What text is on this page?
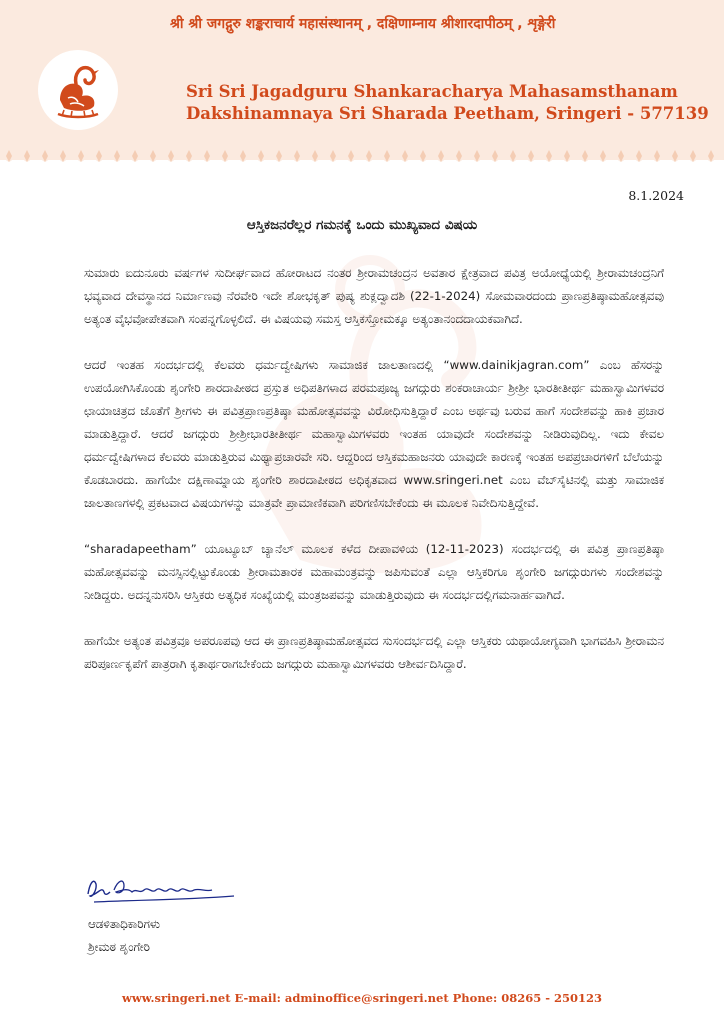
श्री श्री जगद्गुरु शङ्कराचार्य महासंस्थानम् , दक्षिणाम्नाय श्रीशारदापीठम् , शृङ्गेरी
Sri Sri Jagadguru Shankaracharya Mahasamsthanam
Dakshinamnaya Sri Sharada Peetham, Sringeri - 577139
8.1.2024
ಆಸ್ತಿಕಜನರೆಲ್ಲರ ಗಮನಕ್ಕೆ ಒಂದು ಮುಖ್ಯವಾದ ವಿಷಯ

ಸುಮಾರು ಐದುನೂರು ವರ್ಷಗಳ ಸುದೀರ್ಘವಾದ ಹೋರಾಟದ ನಂತರ ಶ್ರೀರಾಮಚಂದ್ರನ ಅವತಾರ ಕ್ಷೇತ್ರವಾದ ಪವಿತ್ರ ಅಯೋಧ್ಯೆಯಲ್ಲಿ ಶ್ರೀರಾಮಚಂದ್ರನಿಗೆ ಭವ್ಯವಾದ ದೇವಸ್ಥಾನದ ನಿರ್ಮಾಣವು ನೆರವೇರಿ ಇದೇ ಶೋಭಕೃತ್ ಪುಷ್ಯ ಶುಕ್ಲದ್ವಾದಶಿ (22-1-2024) ಸೋಮವಾರದಂದು ಪ್ರಾಣಪ್ರತಿಷ್ಠಾಮಹೋತ್ಸವವು ಅತ್ಯಂತ ವೈಭವೋಪೇತವಾಗಿ ಸಂಪನ್ನಗೊಳ್ಳಲಿದೆ. ಈ ವಿಷಯವು ಸಮಸ್ತ ಆಸ್ತಿಕಸ್ತೋಮಕ್ಕೂ ಅತ್ಯಂತಾನಂದದಾಯಕವಾಗಿದೆ.

ಆದರೆ ಇಂತಹ ಸಂದರ್ಭದಲ್ಲಿ ಕೆಲವರು ಧರ್ಮದ್ವೇಷಿಗಳು ಸಾಮಾಜಿಕ ಜಾಲತಾಣದಲ್ಲಿ “www.dainikjagran.com” ಎಂಬ ಹೆಸರನ್ನು ಉಪಯೋಗಿಸಿಕೊಂಡು ಶೃಂಗೇರಿ ಶಾರದಾಪೀಠದ ಪ್ರಸ್ತುತ ಅಧಿಪತಿಗಳಾದ ಪರಮಪೂಜ್ಯ ಜಗದ್ಗುರು ಶಂಕರಾಚಾರ್ಯ ಶ್ರೀಶ್ರೀ ಭಾರತೀತೀರ್ಥ ಮಹಾಸ್ವಾಮಿಗಳವರ ಛಾಯಾಚಿತ್ರದ ಜೊತೆಗೆ ಶ್ರೀಗಳು ಈ ಪವಿತ್ರಪ್ರಾಣಪ್ರತಿಷ್ಠಾ ಮಹೋತ್ಸವವನ್ನು ವಿರೋಧಿಸುತ್ತಿದ್ದಾರೆ ಎಂಬ ಅರ್ಥವು ಬರುವ ಹಾಗೆ ಸಂದೇಶವನ್ನು ಹಾಕಿ ಪ್ರಚಾರ ಮಾಡುತ್ತಿದ್ದಾರೆ. ಆದರೆ ಜಗದ್ಗುರು ಶ್ರೀಶ್ರೀಭಾರತೀತೀರ್ಥ ಮಹಾಸ್ವಾಮಿಗಳವರು ಇಂತಹ ಯಾವುದೇ ಸಂದೇಶವನ್ನು ನೀಡಿರುವುದಿಲ್ಲ. ಇದು ಕೇವಲ ಧರ್ಮದ್ವೇಷಿಗಳಾದ ಕೆಲವರು ಮಾಡುತ್ತಿರುವ ಮಿಥ್ಯಾಪ್ರಚಾರವೇ ಸರಿ. ಆದ್ದರಿಂದ ಆಸ್ತಿಕಮಹಾಜನರು ಯಾವುದೇ ಕಾರಣಕ್ಕೆ ಇಂತಹ ಅಪಪ್ರಚಾರಗಳಿಗೆ ಬೆಲೆಯನ್ನು ಕೊಡಬಾರದು. ಹಾಗೆಯೇ ದಕ್ಷಿಣಾಮ್ನಾಯ ಶೃಂಗೇರಿ ಶಾರದಾಪೀಠದ ಅಧಿಕೃತವಾದ www.sringeri.net ಎಂಬ ವೆಬ್‌ಸೈಟಿನಲ್ಲಿ ಮತ್ತು ಸಾಮಾಜಿಕ ಜಾಲತಾಣಗಳಲ್ಲಿ ಪ್ರಕಟವಾದ ವಿಷಯಗಳನ್ನು ಮಾತ್ರವೇ ಪ್ರಾಮಾಣಿಕವಾಗಿ ಪರಿಗಣಿಸಬೇಕೆಂದು ಈ ಮೂಲಕ ನಿವೇದಿಸುತ್ತಿದ್ದೇವೆ.

“sharadapeetham” ಯೂಟ್ಯೂಬ್ ಚ್ಯಾನೆಲ್ ಮೂಲಕ ಕಳೆದ ದೀಪಾವಳಿಯ (12-11-2023) ಸಂದರ್ಭದಲ್ಲಿ ಈ ಪವಿತ್ರ ಪ್ರಾಣಪ್ರತಿಷ್ಠಾ ಮಹೋತ್ಸವವನ್ನು ಮನಸ್ಸಿನಲ್ಲಿಟ್ಟುಕೊಂಡು ಶ್ರೀರಾಮತಾರಕ ಮಹಾಮಂತ್ರವನ್ನು ಜಪಿಸುವಂತೆ ಎಲ್ಲಾ ಆಸ್ತಿಕರಿಗೂ ಶೃಂಗೇರಿ ಜಗದ್ಗುರುಗಳು ಸಂದೇಶವನ್ನು ನೀಡಿದ್ದರು. ಅದನ್ನನುಸರಿಸಿ ಆಸ್ತಿಕರು ಅತ್ಯಧಿಕ ಸಂಖ್ಯೆಯಲ್ಲಿ ಮಂತ್ರಜಪವನ್ನು ಮಾಡುತ್ತಿರುವುದು ಈ ಸಂದರ್ಭದಲ್ಲಿಗಮನಾರ್ಹವಾಗಿದೆ.

ಹಾಗೆಯೇ ಅತ್ಯಂತ ಪವಿತ್ರವೂ ಅಪರೂಪವು ಆದ ಈ ಪ್ರಾಣಪ್ರತಿಷ್ಠಾಮಹೋತ್ಸವದ ಸುಸಂದರ್ಭದಲ್ಲಿ ಎಲ್ಲಾ ಆಸ್ತಿಕರು ಯಥಾಯೋಗ್ಯವಾಗಿ ಭಾಗವಹಿಸಿ ಶ್ರೀರಾಮನ ಪರಿಪೂರ್ಣಕೃಪೆಗೆ ಪಾತ್ರರಾಗಿ ಕೃತಾರ್ಥರಾಗಬೇಕೆಂದು ಜಗದ್ಗುರು ಮಹಾಸ್ವಾಮಿಗಳವರು ಆಶೀರ್ವದಿಸಿದ್ದಾರೆ.

ಆಡಳಿತಾಧಿಕಾರಿಗಳು
ಶ್ರೀಮಠ ಶೃಂಗೇರಿ
www.sringeri.net E-mail: adminoffice@sringeri.net Phone: 08265 - 250123
